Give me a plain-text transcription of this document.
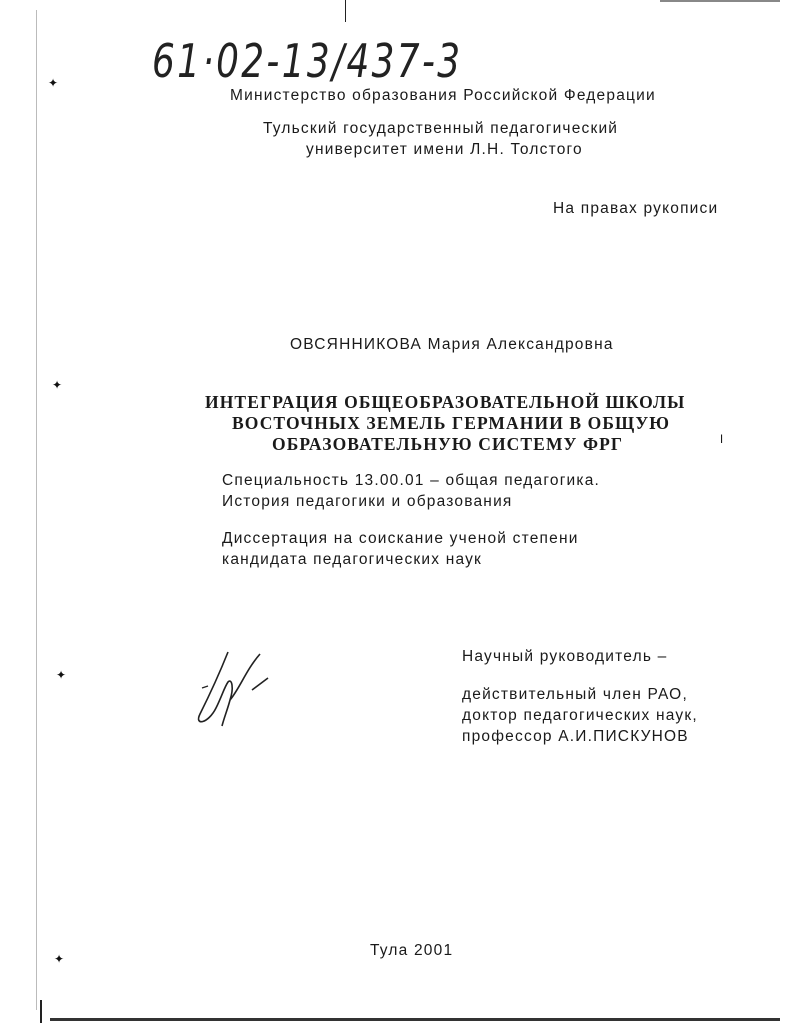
✦
✦
✦
✦
ǀ
61·02-13/437-3
Министерство образования Российской Федерации
Тульский государственный педагогический
университет имени Л.Н. Толстого
На правах рукописи
ОВСЯННИКОВА Мария Александровна
ИНТЕГРАЦИЯ ОБЩЕОБРАЗОВАТЕЛЬНОЙ ШКОЛЫ
ВОСТОЧНЫХ ЗЕМЕЛЬ ГЕРМАНИИ В ОБЩУЮ
ОБРАЗОВАТЕЛЬНУЮ СИСТЕМУ ФРГ
Специальность 13.00.01 – общая педагогика.
История педагогики и образования
Диссертация на соискание ученой степени
кандидата педагогических наук
Научный руководитель –
действительный член РАО,
доктор педагогических наук,
профессор А.И.ПИСКУНОВ
Тула 2001
